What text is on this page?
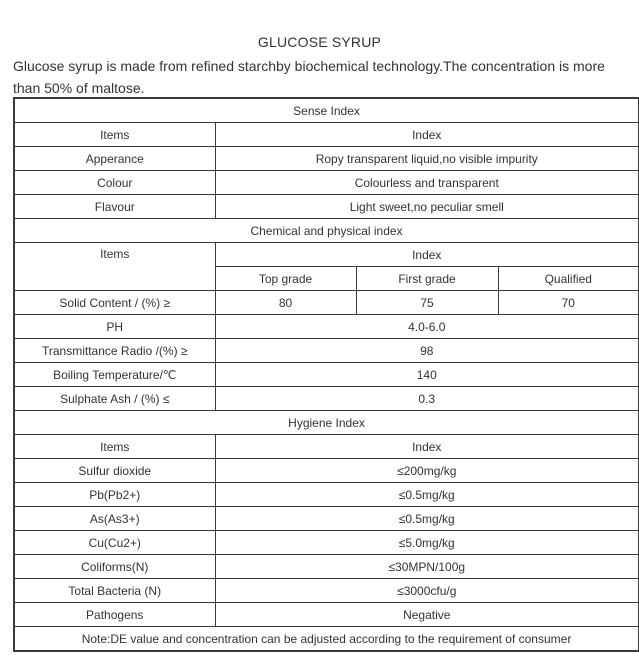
GLUCOSE SYRUP
Glucose syrup is made from refined starchby biochemical technology.The concentration is more than 50% of maltose.
Sense Index			
Items	Index		
Apperance	Ropy transparent liquid,no visible impurity		
Colour	Colourless and transparent		
Flavour	Light sweet,no peculiar smell		
Chemical and physical index			
Items	Index		
	Top grade	First grade	Qualified
Solid Content / (%) ≥	80	75	70
PH	4.0-6.0		
Transmittance Radio /(%) ≥	98		
Boiling Temperature/℃	140		
Sulphate Ash / (%) ≤	0.3		
Hygiene Index			
Items	Index		
Sulfur dioxide	≤200mg/kg		
Pb(Pb2+)	≤0.5mg/kg		
As(As3+)	≤0.5mg/kg		
Cu(Cu2+)	≤5.0mg/kg		
Coliforms(N)	≤30MPN/100g		
Total Bacteria (N)	≤3000cfu/g		
Pathogens	Negative		
Note:DE value and concentration can be adjusted according to the requirement of consumer			
